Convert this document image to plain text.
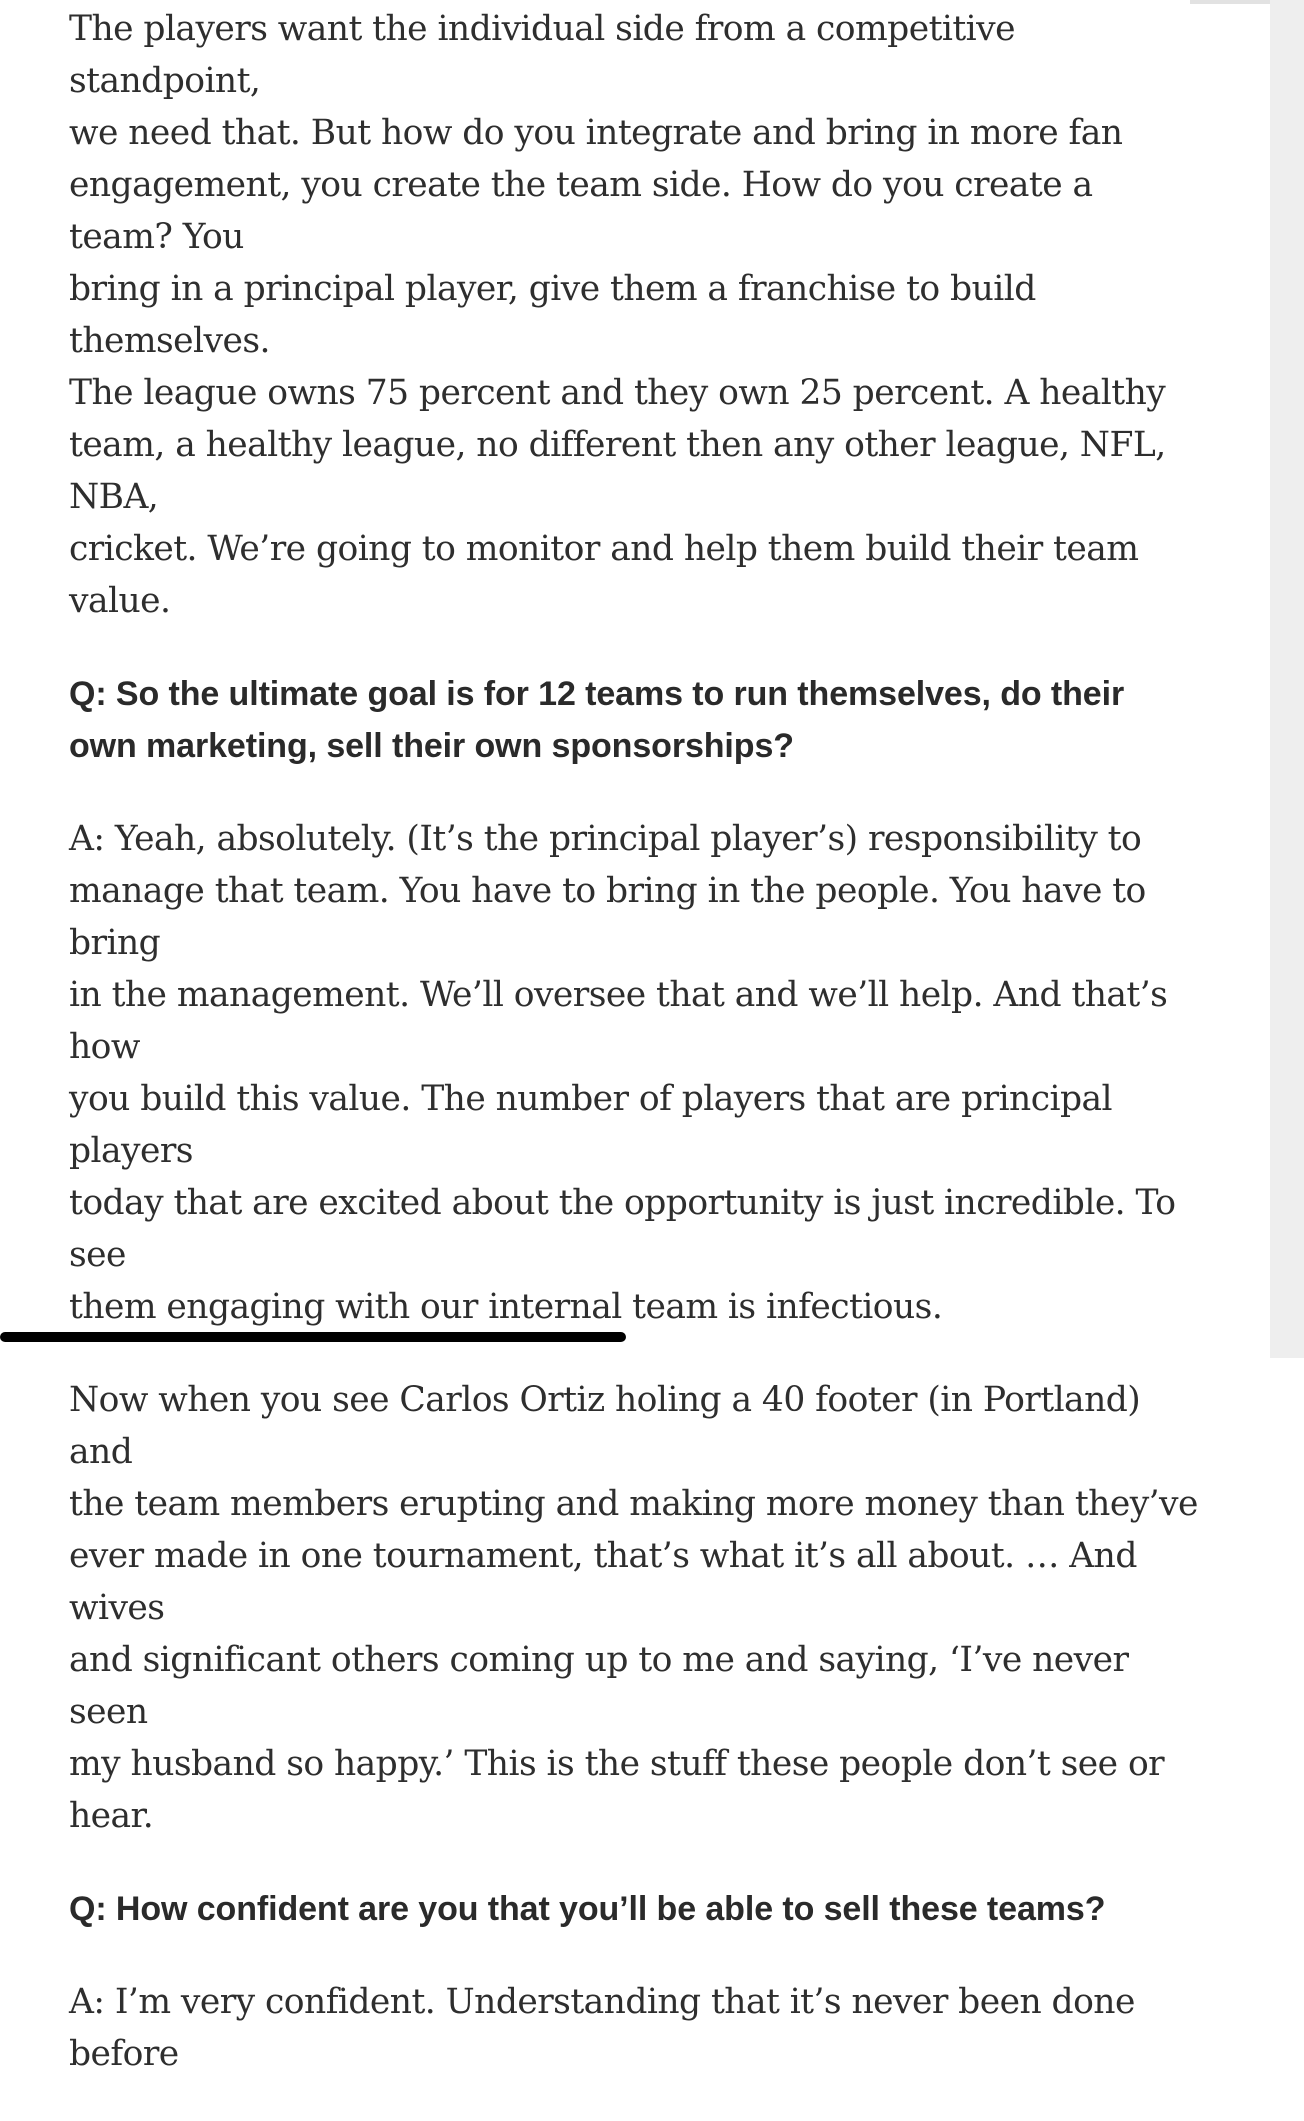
The players want the individual side from a competitive standpoint,
we need that. But how do you integrate and bring in more fan
engagement, you create the team side. How do you create a team? You
bring in a principal player, give them a franchise to build themselves.
The league owns 75 percent and they own 25 percent. A healthy
team, a healthy league, no different then any other league, NFL, NBA,
cricket. We’re going to monitor and help them build their team value.

Q: So the ultimate goal is for 12 teams to run themselves, do their
own marketing, sell their own sponsorships?

A: Yeah, absolutely. (It’s the principal player’s) responsibility to
manage that team. You have to bring in the people. You have to bring
in the management. We’ll oversee that and we’ll help. And that’s how
you build this value. The number of players that are principal players
today that are excited about the opportunity is just incredible. To see
them engaging with our internal team is infectious.

Now when you see Carlos Ortiz holing a 40 footer (in Portland) and
the team members erupting and making more money than they’ve
ever made in one tournament, that’s what it’s all about. … And wives
and significant others coming up to me and saying, ‘I’ve never seen
my husband so happy.’ This is the stuff these people don’t see or hear.

Q: How confident are you that you’ll be able to sell these teams?

A: I’m very confident. Understanding that it’s never been done before
